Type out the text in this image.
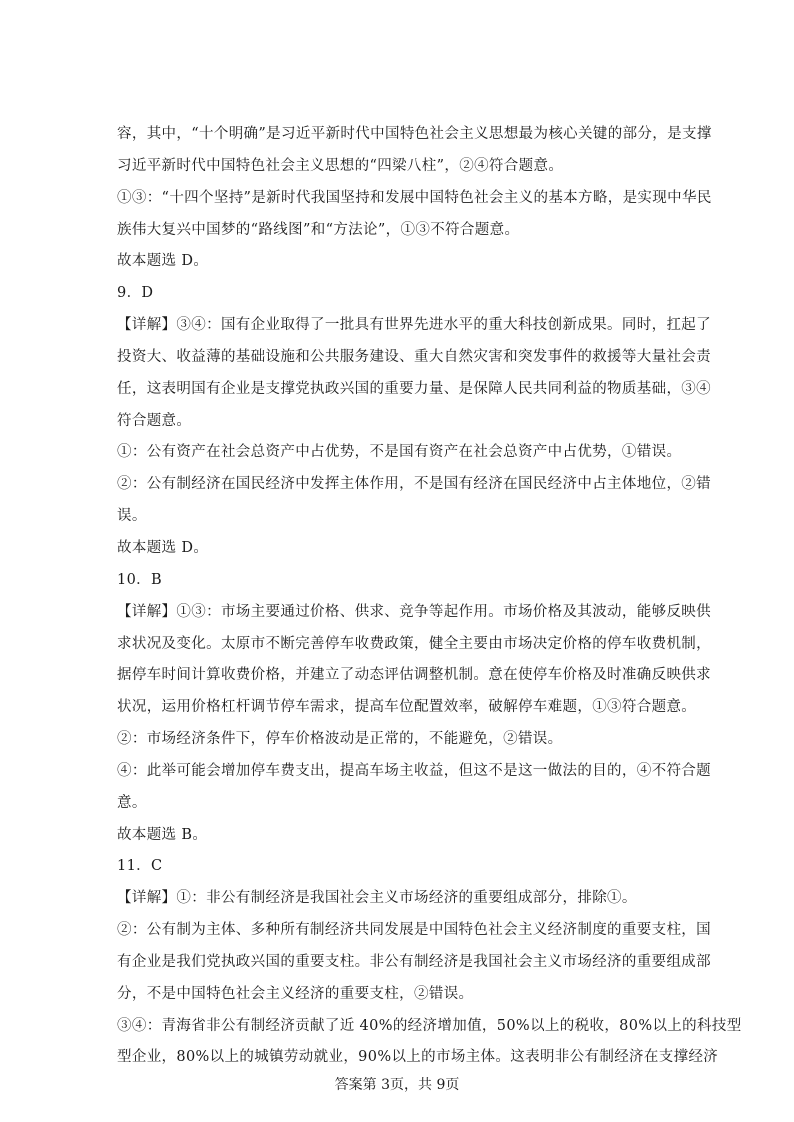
容，其中，“十个明确”是习近平新时代中国特色社会主义思想最为核心关键的部分，是支撑
习近平新时代中国特色社会主义思想的“四梁八柱”，②④符合题意。
①③：“十四个坚持”是新时代我国坚持和发展中国特色社会主义的基本方略，是实现中华民
族伟大复兴中国梦的“路线图”和“方法论”，①③不符合题意。
故本题选 D。
9．D
【详解】③④：国有企业取得了一批具有世界先进水平的重大科技创新成果。同时，扛起了
投资大、收益薄的基础设施和公共服务建设、重大自然灾害和突发事件的救援等大量社会责
任，这表明国有企业是支撑党执政兴国的重要力量、是保障人民共同利益的物质基础，③④
符合题意。
①：公有资产在社会总资产中占优势，不是国有资产在社会总资产中占优势，①错误。
②：公有制经济在国民经济中发挥主体作用，不是国有经济在国民经济中占主体地位，②错
误。
故本题选 D。
10．B
【详解】①③：市场主要通过价格、供求、竞争等起作用。市场价格及其波动，能够反映供
求状况及变化。太原市不断完善停车收费政策，健全主要由市场决定价格的停车收费机制，
据停车时间计算收费价格，并建立了动态评估调整机制。意在使停车价格及时准确反映供求
状况，运用价格杠杆调节停车需求，提高车位配置效率，破解停车难题，①③符合题意。
②：市场经济条件下，停车价格波动是正常的，不能避免，②错误。
④：此举可能会增加停车费支出，提高车场主收益，但这不是这一做法的目的，④不符合题
意。
故本题选 B。
11．C
【详解】①：非公有制经济是我国社会主义市场经济的重要组成部分，排除①。
②：公有制为主体、多种所有制经济共同发展是中国特色社会主义经济制度的重要支柱，国
有企业是我们党执政兴国的重要支柱。非公有制经济是我国社会主义市场经济的重要组成部
分，不是中国特色社会主义经济的重要支柱，②错误。
③④：青海省非公有制经济贡献了近 40%的经济增加值，50%以上的税收，80%以上的科技型
型企业，80%以上的城镇劳动就业，90%以上的市场主体。这表明非公有制经济在支撑经济
答案第 3页，共 9页
